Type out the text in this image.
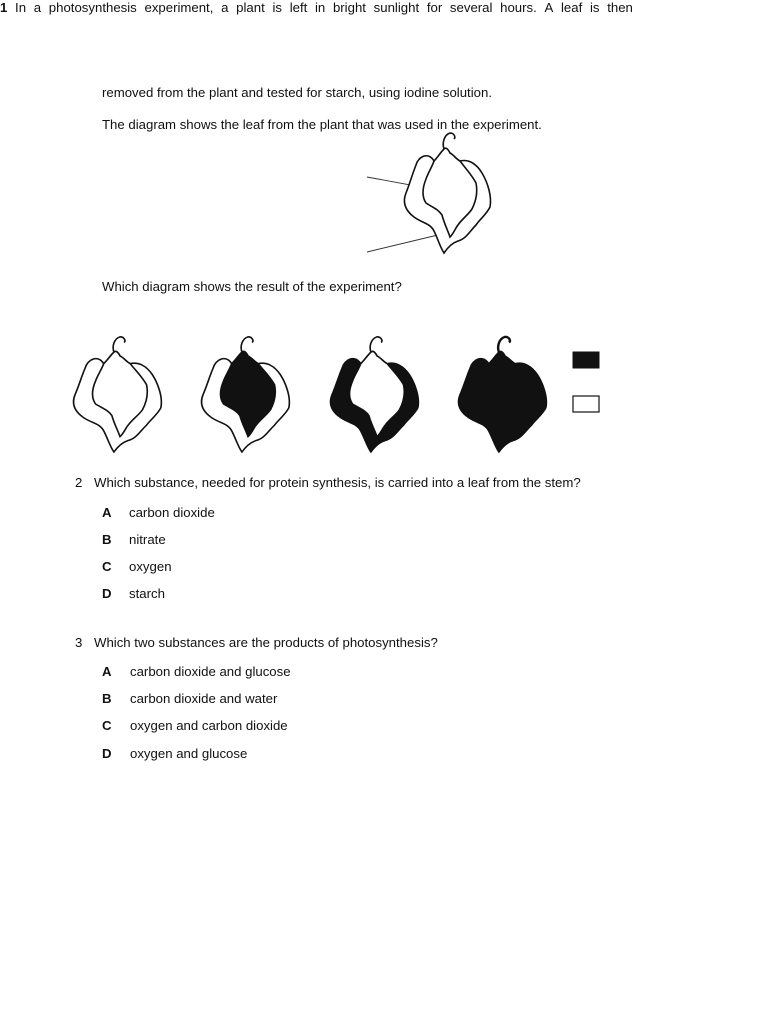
1 In a photosynthesis experiment, a plant is left in bright sunlight for several hours. A leaf is then
removed from the plant and tested for starch, using iodine solution.
The diagram shows the leaf from the plant that was used in the experiment.
Which diagram shows the result of the experiment?
2 Which substance, needed for protein synthesis, is carried into a leaf from the stem?
A carbon dioxide
B nitrate
C oxygen
D starch
3 Which two substances are the products of photosynthesis?
A carbon dioxide and glucose
B carbon dioxide and water
C oxygen and carbon dioxide
D oxygen and glucose
